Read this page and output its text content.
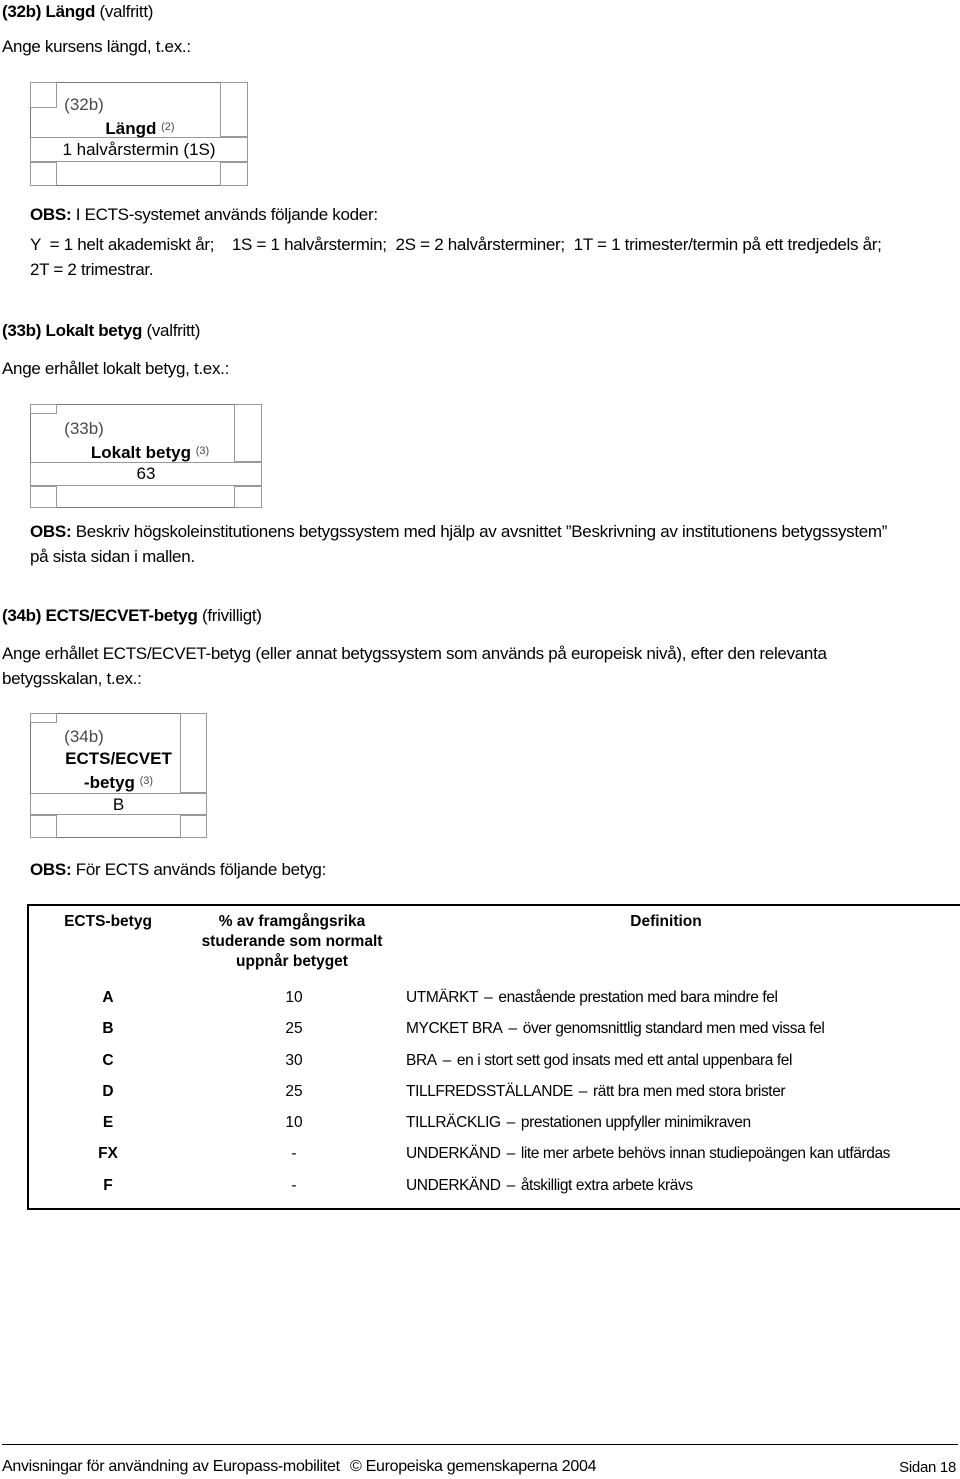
(32b) Längd (valfritt)
Ange kursens längd, t.ex.:
(32b)
Längd $^{(2)}$
1 halvårstermin (1S)
OBS: I ECTS-systemet används följande koder:
Y  = 1 helt akademiskt år;    1S = 1 halvårstermin;  2S = 2 halvårsterminer;  1T = 1 trimester/termin på ett tredjedels år;
2T = 2 trimestrar.
(33b) Lokalt betyg (valfritt)
Ange erhållet lokalt betyg, t.ex.:
(33b)
Lokalt betyg $^{(3)}$
63
OBS: Beskriv högskoleinstitutionens betygssystem med hjälp av avsnittet ”Beskrivning av institutionens betygssystem”
på sista sidan i mallen.
(34b) ECTS/ECVET-betyg (frivilligt)
Ange erhållet ECTS/ECVET-betyg (eller annat betygssystem som används på europeisk nivå), efter den relevanta
betygsskalan, t.ex.:
(34b)
ECTS/ECVET
-betyg $^{(3)}$
B
OBS: För ECTS används följande betyg:
ECTS-betyg	% av framgångsrika
studerande som normalt
uppnår betyget
Definition
A	10	UTMÄRKT – enastående prestation med bara mindre fel
B	25	MYCKET BRA – över genomsnittlig standard men med vissa fel
C	30	BRA – en i stort sett god insats med ett antal uppenbara fel
D	25	TILLFREDSSTÄLLANDE – rätt bra men med stora brister
E	10	TILLRÄCKLIG – prestationen uppfyller minimikraven
FX	-	UNDERKÄND – lite mer arbete behövs innan studiepoängen kan utfärdas
F	-	UNDERKÄND – åtskilligt extra arbete krävs
Anvisningar för användning av Europass-mobilitet © Europeiska gemenskaperna 2004	Sidan 18
